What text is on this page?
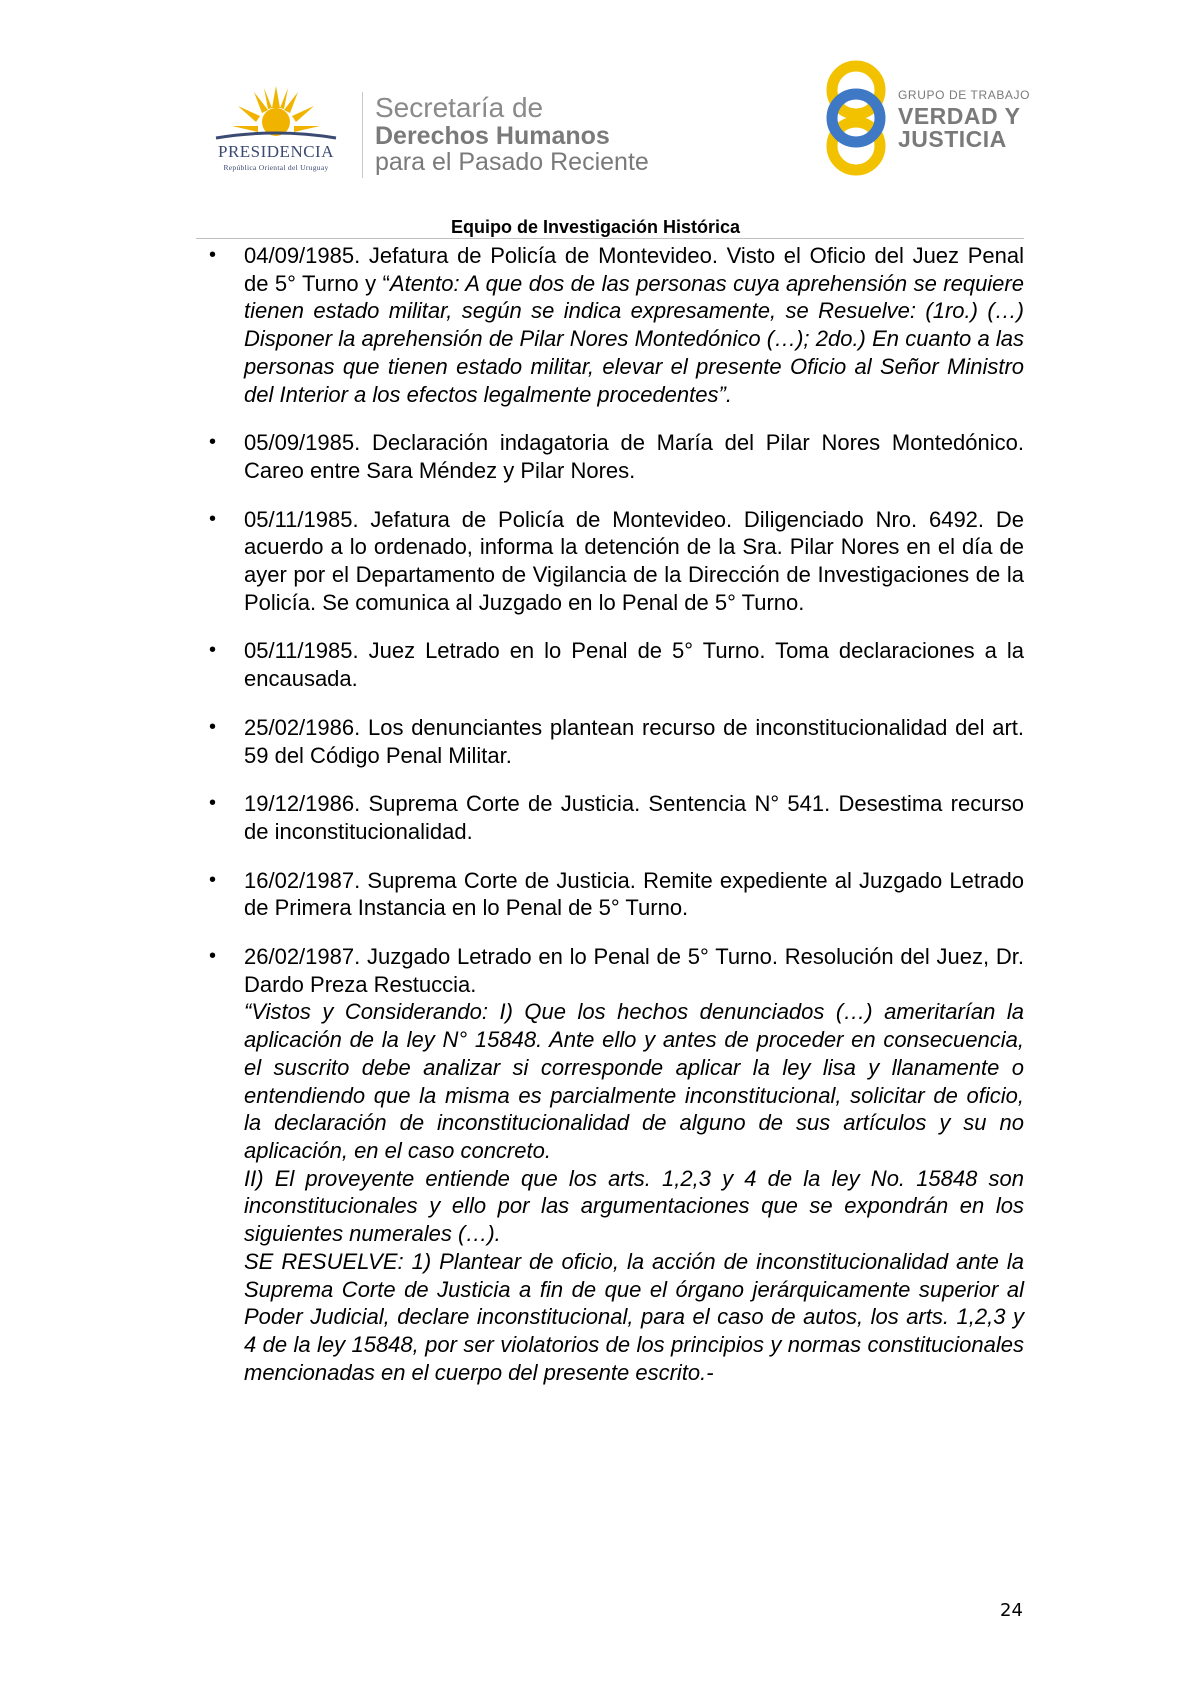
PRESIDENCIA
República Oriental del Uruguay
Secretaría de
Derechos Humanos
para el Pasado Reciente
GRUPO DE TRABAJO
VERDAD Y
JUSTICIA
Equipo de Investigación Histórica

• 04/09/1985. Jefatura de Policía de Montevideo. Visto el Oficio del Juez Penal de 5° Turno y “Atento: A que dos de las personas cuya aprehensión se requiere tienen estado militar, según se indica expresamente, se Resuelve: (1ro.) (…) Disponer la aprehensión de Pilar Nores Montedónico (…); 2do.) En cuanto a las personas que tienen estado militar, elevar el presente Oficio al Señor Ministro del Interior a los efectos legalmente procedentes”.

• 05/09/1985. Declaración indagatoria de María del Pilar Nores Montedónico. Careo entre Sara Méndez y Pilar Nores.

• 05/11/1985. Jefatura de Policía de Montevideo. Diligenciado Nro. 6492. De acuerdo a lo ordenado, informa la detención de la Sra. Pilar Nores en el día de ayer por el Departamento de Vigilancia de la Dirección de Investigaciones de la Policía. Se comunica al Juzgado en lo Penal de 5° Turno.

• 05/11/1985. Juez Letrado en lo Penal de 5° Turno. Toma declaraciones a la encausada.

• 25/02/1986. Los denunciantes plantean recurso de inconstitucionalidad del art. 59 del Código Penal Militar.

• 19/12/1986. Suprema Corte de Justicia. Sentencia N° 541. Desestima recurso de inconstitucionalidad.

• 16/02/1987. Suprema Corte de Justicia. Remite expediente al Juzgado Letrado de Primera Instancia en lo Penal de 5° Turno.

• 26/02/1987. Juzgado Letrado en lo Penal de 5° Turno. Resolución del Juez, Dr. Dardo Preza Restuccia.

“Vistos y Considerando: I) Que los hechos denunciados (…) ameritarían la aplicación de la ley N° 15848. Ante ello y antes de proceder en consecuencia, el suscrito debe analizar si corresponde aplicar la ley lisa y llanamente o entendiendo que la misma es parcialmente inconstitucional, solicitar de oficio, la declaración de inconstitucionalidad de alguno de sus artículos y su no aplicación, en el caso concreto.

II) El proveyente entiende que los arts. 1,2,3 y 4 de la ley No. 15848 son inconstitucionales y ello por las argumentaciones que se expondrán en los siguientes numerales (…).

SE RESUELVE: 1) Plantear de oficio, la acción de inconstitucionalidad ante la Suprema Corte de Justicia a fin de que el órgano jerárquicamente superior al Poder Judicial, declare inconstitucional, para el caso de autos, los arts. 1,2,3 y 4 de la ley 15848, por ser violatorios de los principios y normas constitucionales mencionadas en el cuerpo del presente escrito.-

24
